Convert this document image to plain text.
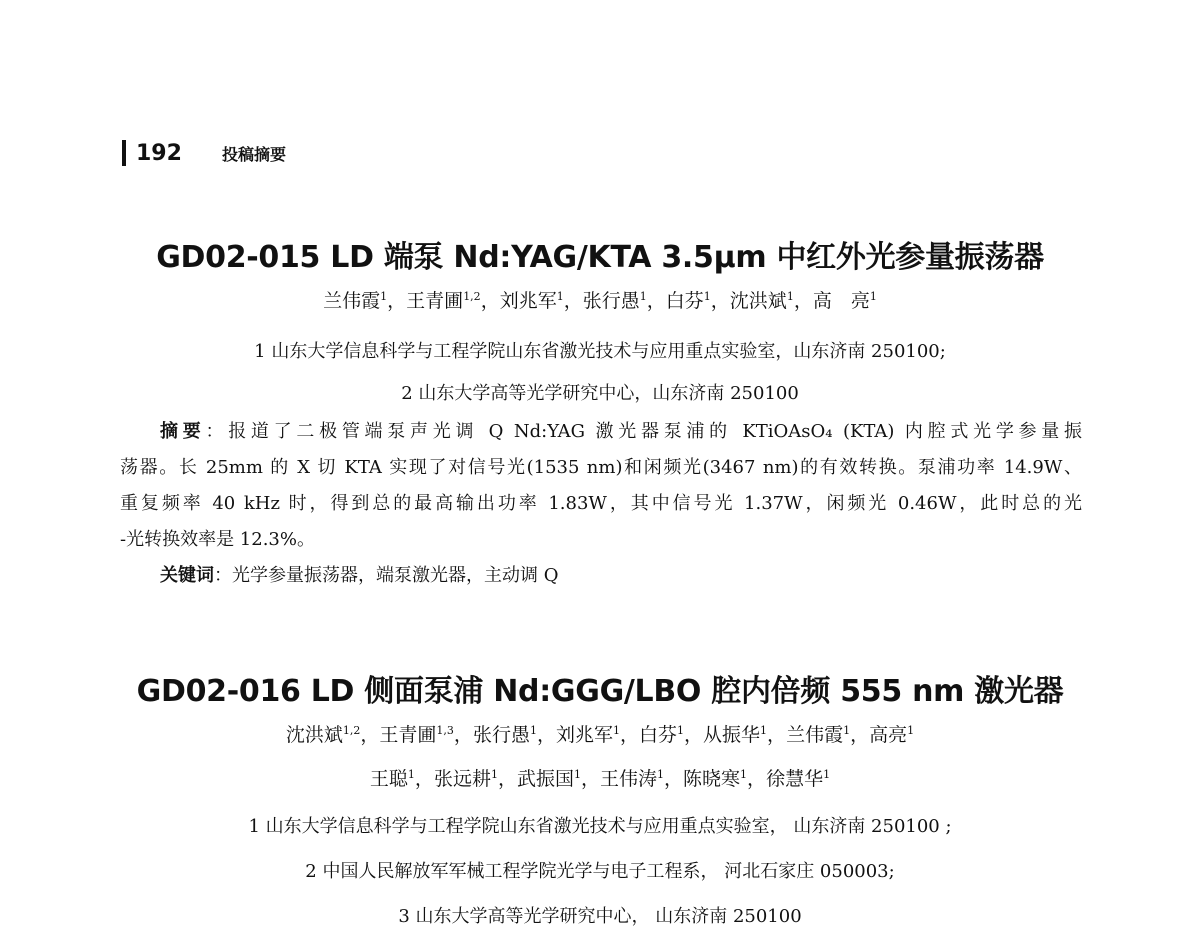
192	投稿摘要
GD02-015 LD 端泵 Nd:YAG/KTA 3.5μm 中红外光参量振荡器
兰伟霞$^1$，王青圃$^{1,2}$，刘兆军$^1$，张行愚$^1$，白芬$^1$，沈洪斌$^1$，高　亮$^1$
1 山东大学信息科学与工程学院山东省激光技术与应用重点实验室，山东济南 250100;
2 山东大学高等光学研究中心，山东济南 250100
摘要：报道了二极管端泵声光调 Q Nd:YAG 激光器泵浦的 KTiOAsO₄ (KTA) 内腔式光学参量振
荡器。长 25mm 的 X 切 KTA 实现了对信号光(1535 nm)和闲频光(3467 nm)的有效转换。泵浦功率 14.9W、
重复频率 40 kHz 时，得到总的最高输出功率 1.83W，其中信号光 1.37W，闲频光 0.46W，此时总的光
-光转换效率是 12.3%。
关键词：光学参量振荡器，端泵激光器，主动调 Q
GD02-016 LD 侧面泵浦 Nd:GGG/LBO 腔内倍频 555 nm 激光器
沈洪斌$^{1,2}$，王青圃$^{1,3}$，张行愚$^1$，刘兆军$^1$，白芬$^1$，从振华$^1$，兰伟霞$^1$，高亮$^1$
王聪$^1$，张远耕$^1$，武振国$^1$，王伟涛$^1$，陈晓寒$^1$，徐慧华$^1$
1 山东大学信息科学与工程学院山东省激光技术与应用重点实验室， 山东济南 250100 ;
2 中国人民解放军军械工程学院光学与电子工程系， 河北石家庄 050003;
3 山东大学高等光学研究中心， 山东济南 250100
